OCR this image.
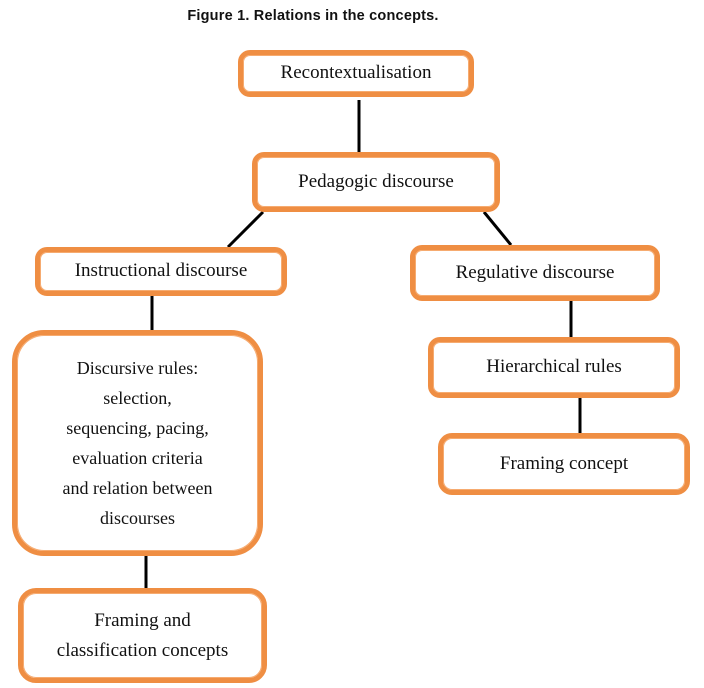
Figure 1. Relations in the concepts.
Recontextualisation
Pedagogic discourse
Instructional discourse	Regulative discourse
Discursive rules:
selection,
sequencing, pacing,
evaluation criteria
and relation between
discourses
Hierarchical rules
Framing concept
Framing and
classification concepts
